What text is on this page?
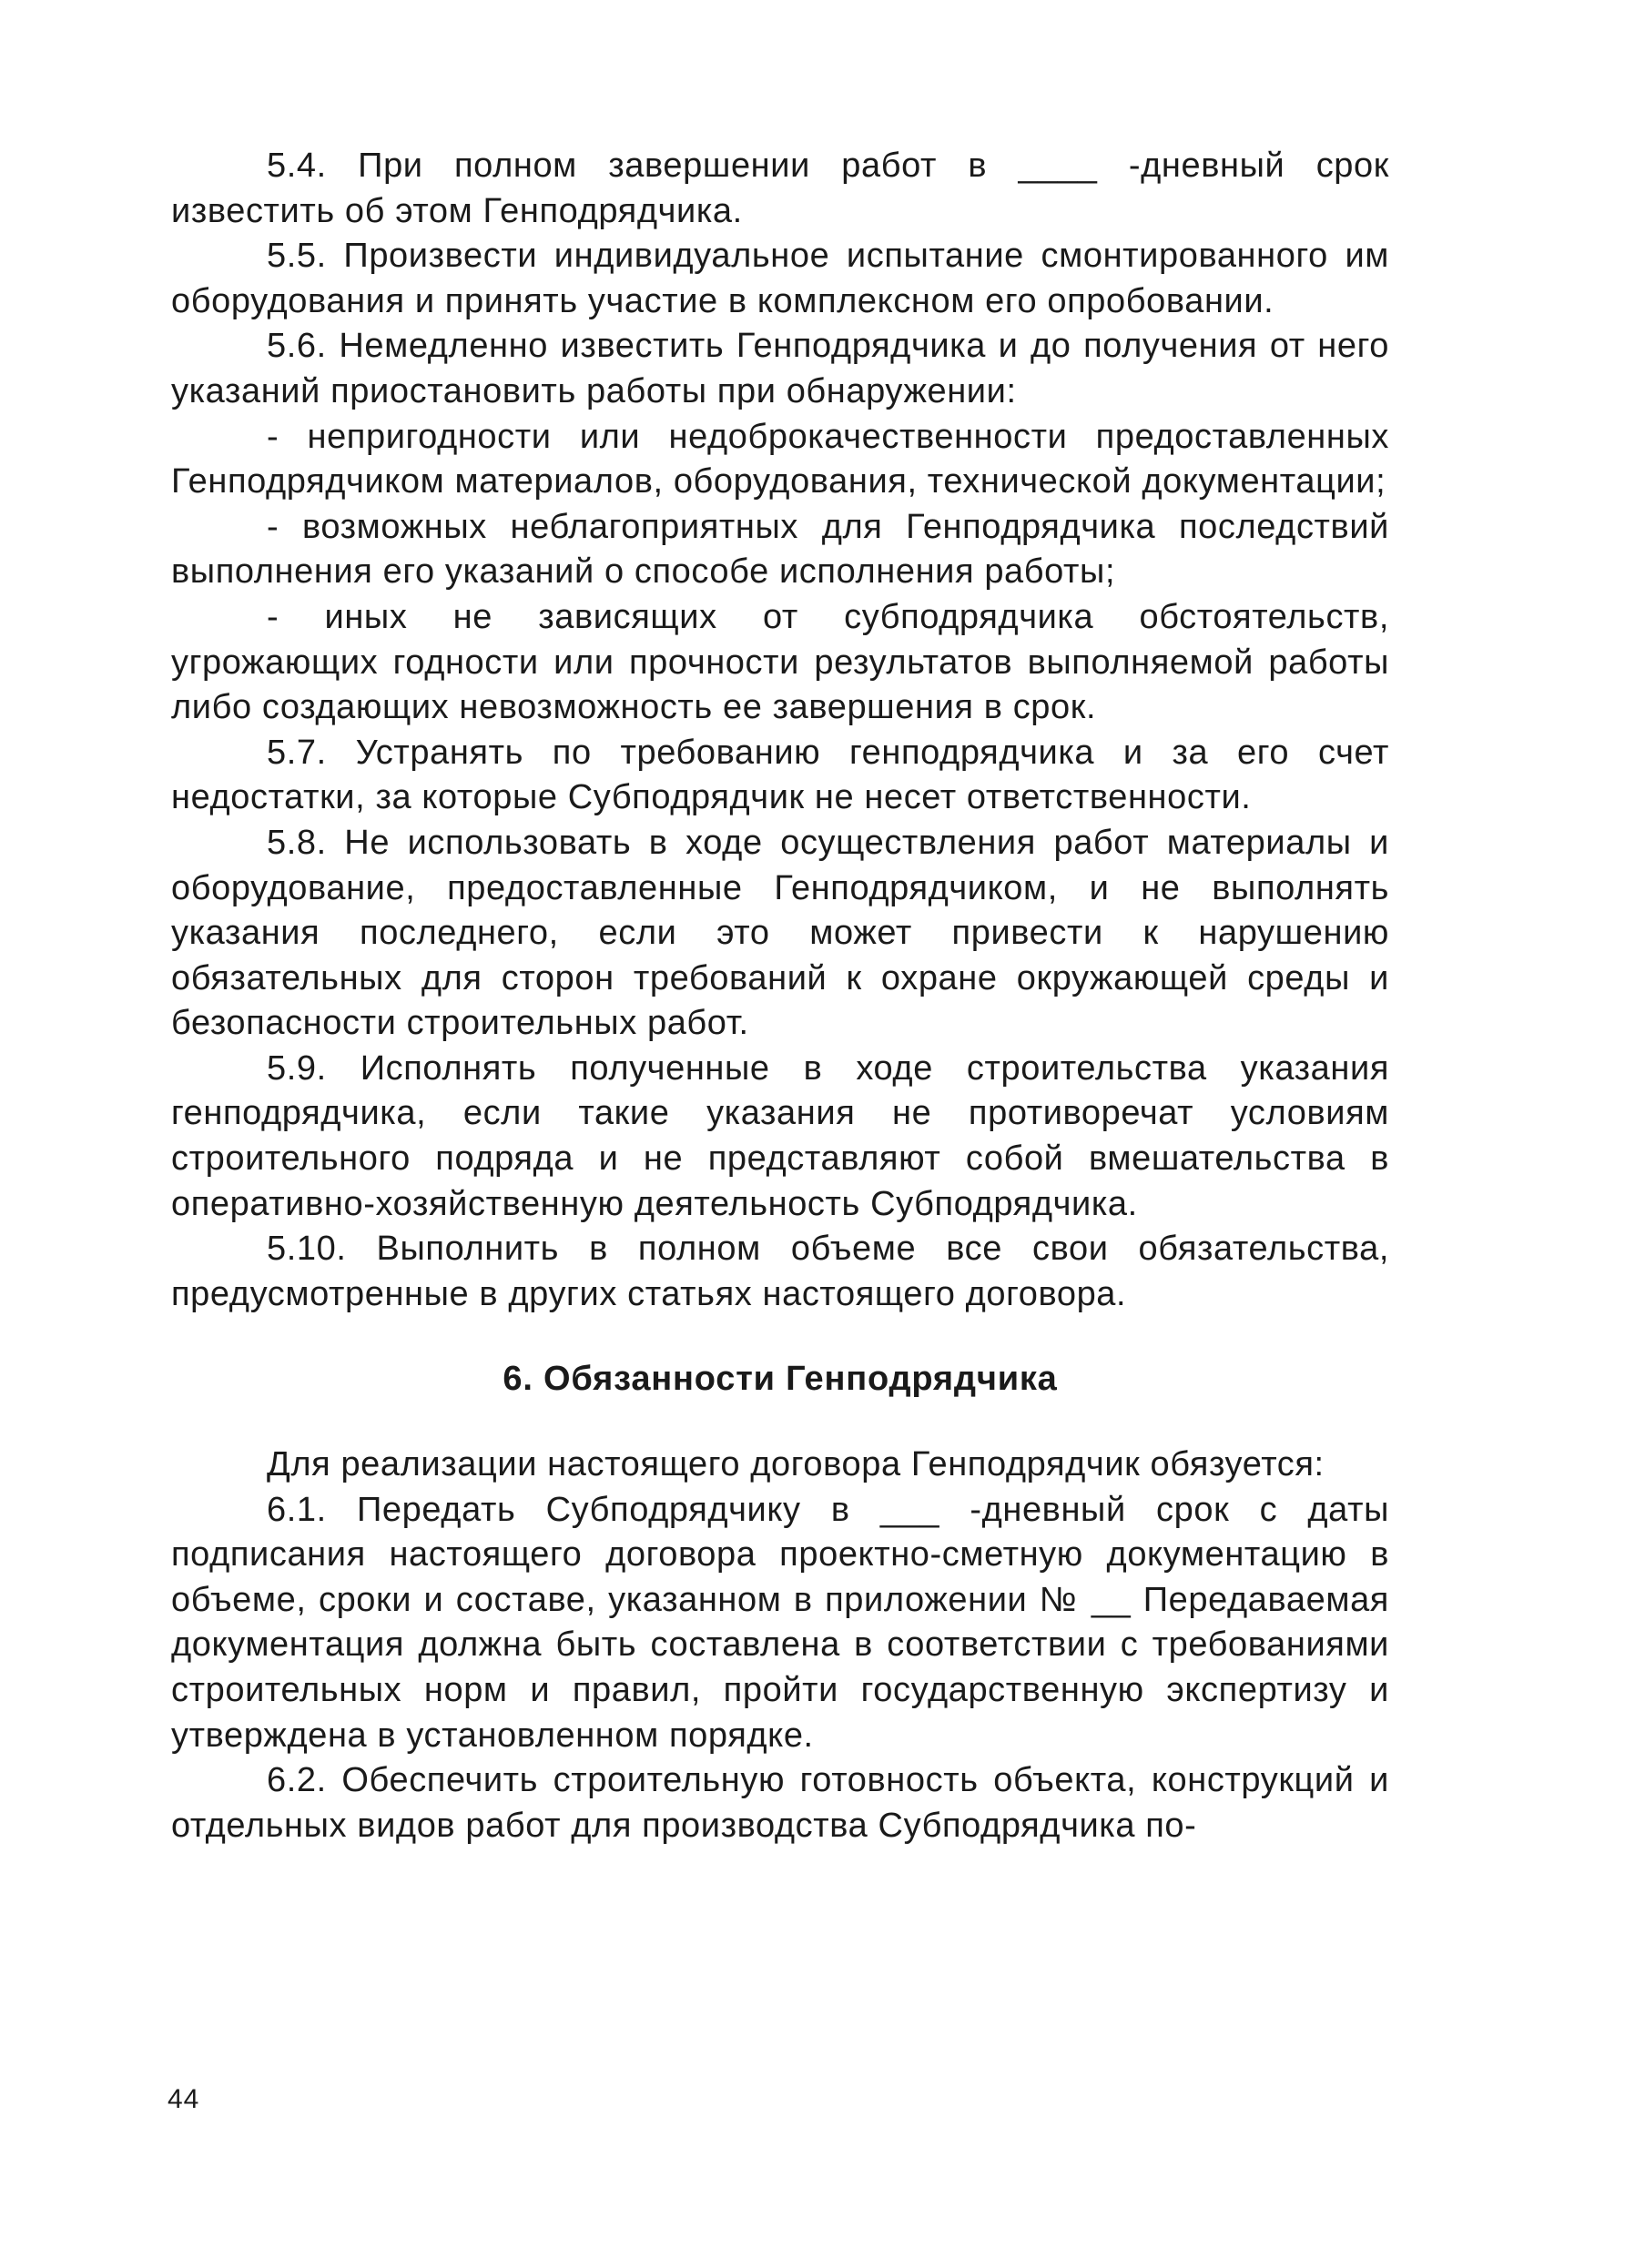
5.4. При полном завершении работ в ____ -дневный срок известить об этом Генподрядчика.

5.5. Произвести индивидуальное испытание смонтированного им оборудования и принять участие в комплексном его опробовании.

5.6. Немедленно известить Генподрядчика и до получения от него указаний приостановить работы при обнаружении:

- непригодности или недоброкачественности предоставленных Генподрядчиком материалов, оборудования, технической документации;

- возможных неблагоприятных для Генподрядчика последствий выполнения его указаний о способе исполнения работы;

- иных не зависящих от субподрядчика обстоятельств, угрожающих годности или прочности результатов выполняемой работы либо создающих невозможность ее завершения в срок.

5.7. Устранять по требованию генподрядчика и за его счет недостатки, за которые Субподрядчик не несет ответственности.

5.8. Не использовать в ходе осуществления работ материалы и оборудование, предоставленные Генподрядчиком, и не выполнять указания последнего, если это может привести к нарушению обязательных для сторон требований к охране окружающей среды и безопасности строительных работ.

5.9. Исполнять полученные в ходе строительства указания генподрядчика, если такие указания не противоречат условиям строительного подряда и не представляют собой вмешательства в оперативно-хозяйственную деятельность Субподрядчика.

5.10. Выполнить в полном объеме все свои обязательства, предусмотренные в других статьях настоящего договора.

6. Обязанности Генподрядчика

Для реализации настоящего договора Генподрядчик обязуется:

6.1. Передать Субподрядчику в ___ -дневный срок с даты подписания настоящего договора проектно-сметную документацию в объеме, сроки и составе, указанном в приложении № __ Передаваемая документация должна быть составлена в соответствии с требованиями строительных норм и правил, пройти государственную экспертизу и утверждена в установленном порядке.

6.2. Обеспечить строительную готовность объекта, конструкций и отдельных видов работ для производства Субподрядчика по-

44
